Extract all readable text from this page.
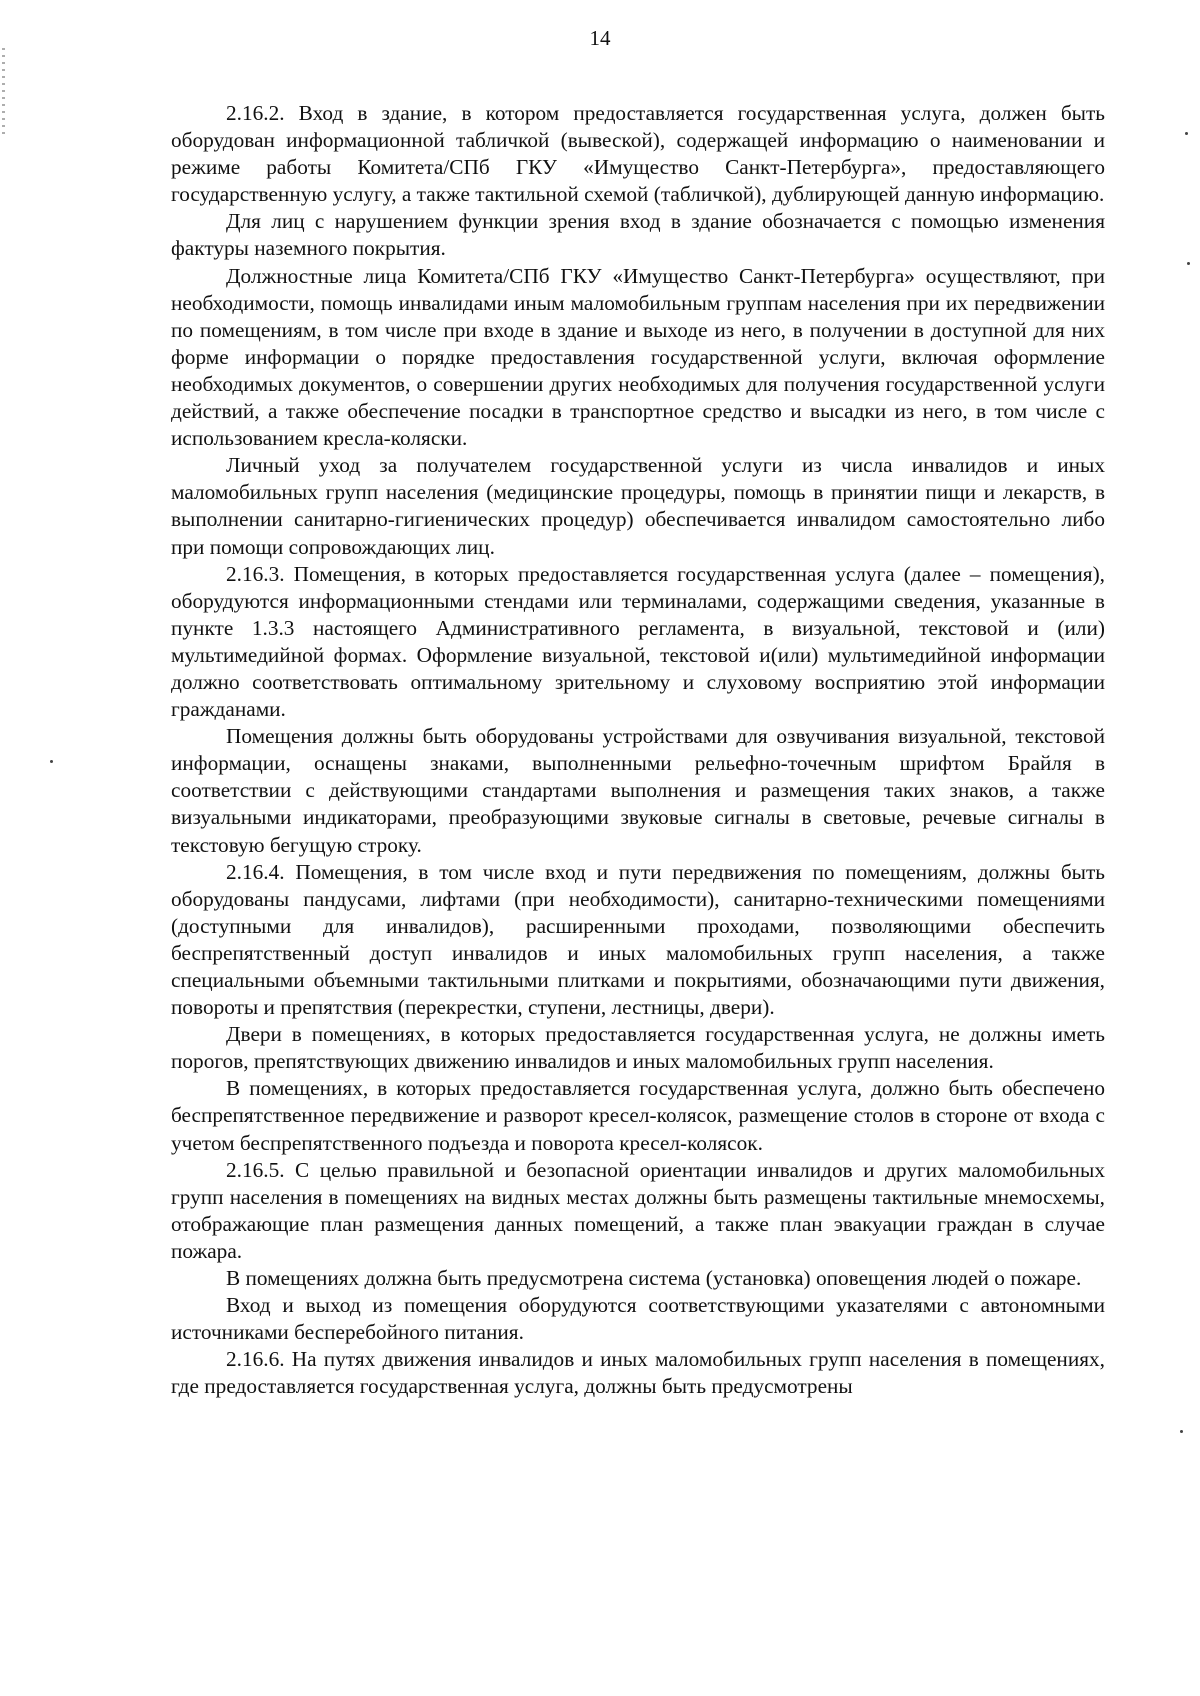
14

2.16.2. Вход в здание, в котором предоставляется государственная услуга, должен быть оборудован информационной табличкой (вывеской), содержащей информацию о наименовании и режиме работы Комитета/СПб ГКУ «Имущество Санкт-Петербурга», предоставляющего государственную услугу, а также тактильной схемой (табличкой), дублирующей данную информацию.

Для лиц с нарушением функции зрения вход в здание обозначается с помощью изменения фактуры наземного покрытия.

Должностные лица Комитета/СПб ГКУ «Имущество Санкт-Петербурга» осуществляют, при необходимости, помощь инвалидами иным маломобильным группам населения при их передвижении по помещениям, в том числе при входе в здание и выходе из него, в получении в доступной для них форме информации о порядке предоставления государственной услуги, включая оформление необходимых документов, о совершении других необходимых для получения государственной услуги действий, а также обеспечение посадки в транспортное средство и высадки из него, в том числе с использованием кресла-коляски.

Личный уход за получателем государственной услуги из числа инвалидов и иных маломобильных групп населения (медицинские процедуры, помощь в принятии пищи и лекарств, в выполнении санитарно-гигиенических процедур) обеспечивается инвалидом самостоятельно либо при помощи сопровождающих лиц.

2.16.3. Помещения, в которых предоставляется государственная услуга (далее – помещения), оборудуются информационными стендами или терминалами, содержащими сведения, указанные в пункте 1.3.3 настоящего Административного регламента, в визуальной, текстовой и (или) мультимедийной формах. Оформление визуальной, текстовой и(или) мультимедийной информации должно соответствовать оптимальному зрительному и слуховому восприятию этой информации гражданами.

Помещения должны быть оборудованы устройствами для озвучивания визуальной, текстовой информации, оснащены знаками, выполненными рельефно-точечным шрифтом Брайля в соответствии с действующими стандартами выполнения и размещения таких знаков, а также визуальными индикаторами, преобразующими звуковые сигналы в световые, речевые сигналы в текстовую бегущую строку.

2.16.4. Помещения, в том числе вход и пути передвижения по помещениям, должны быть оборудованы пандусами, лифтами (при необходимости), санитарно-техническими помещениями (доступными для инвалидов), расширенными проходами, позволяющими обеспечить беспрепятственный доступ инвалидов и иных маломобильных групп населения, а также специальными объемными тактильными плитками и покрытиями, обозначающими пути движения, повороты и препятствия (перекрестки, ступени, лестницы, двери).

Двери в помещениях, в которых предоставляется государственная услуга, не должны иметь порогов, препятствующих движению инвалидов и иных маломобильных групп населения.

В помещениях, в которых предоставляется государственная услуга, должно быть обеспечено беспрепятственное передвижение и разворот кресел-колясок, размещение столов в стороне от входа с учетом беспрепятственного подъезда и поворота кресел-колясок.

2.16.5. С целью правильной и безопасной ориентации инвалидов и других маломобильных групп населения в помещениях на видных местах должны быть размещены тактильные мнемосхемы, отображающие план размещения данных помещений, а также план эвакуации граждан в случае пожара.

В помещениях должна быть предусмотрена система (установка) оповещения людей о пожаре.

Вход и выход из помещения оборудуются соответствующими указателями с автономными источниками бесперебойного питания.

2.16.6. На путях движения инвалидов и иных маломобильных групп населения в помещениях, где предоставляется государственная услуга, должны быть предусмотрены
